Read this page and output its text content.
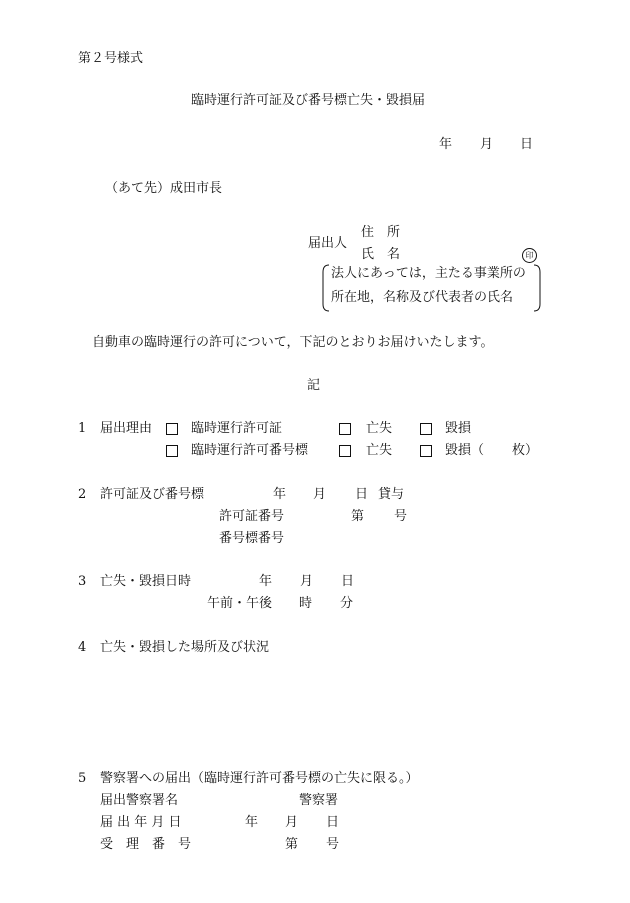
第２号様式
臨時運行許可証及び番号標亡失・毀損届
年 月 日
（あて先）成田市長
届出人
住　所
氏　名	印
法人にあっては，主たる事業所の
所在地，名称及び代表者の氏名
自動車の臨時運行の許可について，下記のとおりお届けいたします。
記
1 届出理由	臨時運行許可証	亡失	毀損
臨時運行許可番号標	亡失	毀損（ 枚）
2 許可証及び番号標	年 月 日 貸与
許可証番号	第 号
番号標番号
3 亡失・毀損日時	年 月 日
午前・午後 時 分
4 亡失・毀損した場所及び状況
5 警察署への届出（臨時運行許可番号標の亡失に限る。）
届出警察署名	警察署
届 出 年 月 日	年 月 日
受　理　番　号	第 号
